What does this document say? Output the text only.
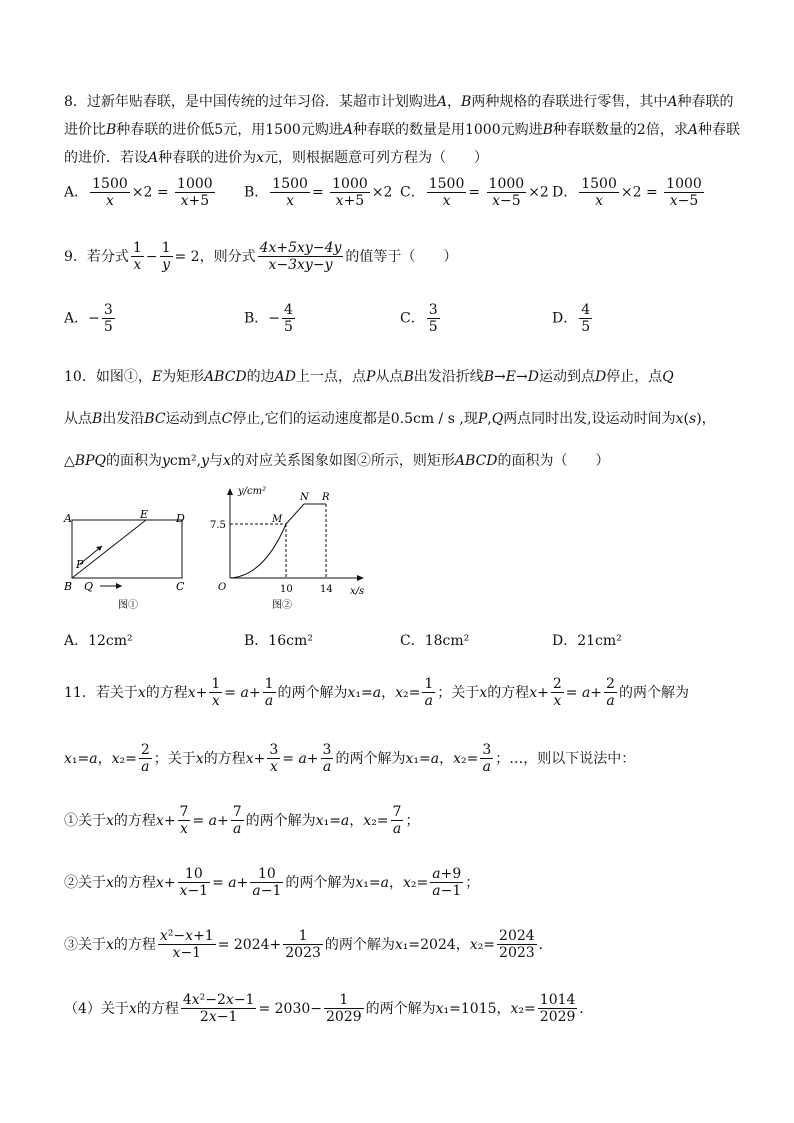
8．过新年贴春联，是中国传统的过年习俗．某超市计划购进A，B两种规格的春联进行零售，其中A种春联的进价比B种春联的进价低5元，用1500元购进A种春联的数量是用1000元购进B种春联数量的2倍，求A种春联的进价．若设A种春联的进价为x元，则根据题意可列方程为（　　）
A． $\frac{1500}{x} \times 2 = \frac{1000}{x+5}$ B． $\frac{1500}{x} = \frac{1000}{x+5} \times 2$ C． $\frac{1500}{x} = \frac{1000}{x-5} \times 2$ D． $\frac{1500}{x} \times 2 = \frac{1000}{x-5}$
9．若分式 $\frac{1}{x} - \frac{1}{y} = 2$，则分式 $\frac{4x+5xy-4y}{x-3xy-y}$ 的值等于（　　）
A．− $\frac{3}{5}$	B．− $\frac{4}{5}$	C． $\frac{3}{5}$	D． $\frac{4}{5}$
10．如图①，E为矩形ABCD的边AD上一点，点P从点B出发沿折线B→E→D运动到点D停止，点Q
从点B出发沿BC运动到点C停止,它们的运动速度都是0.5cm / s ,现P,Q两点同时出发,设运动时间为x(s)，
△BPQ的面积为ycm²,y与x的对应关系图象如图②所示，则矩形ABCD的面积为（　　）
A
B	C
D
E
P
Q
图①
y/cm²
x/s
O
M
N R
7.5
10	14
图②
A．12cm²	B．16cm²	C．18cm²	D．21cm²
11．若关于x的方程$x+ \frac{1}{x} = a+ \frac{1}{a}$ 的两个解为x₁=a，$x_2= \frac{1}{a}$ ；关于x的方程$x+ \frac{2}{x} = a+ \frac{2}{a}$ 的两个解为
x₁=a，$x_2= \frac{2}{a}$ ；关于x的方程$x+ \frac{3}{x} = a+ \frac{3}{a}$ 的两个解为x₁=a，$x_2= \frac{3}{a}$ ；…，则以下说法中：
①关于x的方程$x+ \frac{7}{x} = a+ \frac{7}{a}$ 的两个解为x₁=a，$x_2= \frac{7}{a}$ ；
②关于x的方程$x+ \frac{10}{x-1} = a+ \frac{10}{a-1}$ 的两个解为x₁=a，$x_2= \frac{a+9}{a-1}$ ；
③关于x的方程 $\frac{\text{x²−x+1}}{x-1} = 2024+ \frac{1}{2023}$ 的两个解为x₁=2024，$x_2= \frac{2024}{2023}$ ．
（4）关于x的方程 $\frac{\text{4x²−2x−1}}{2x-1} = 2030- \frac{1}{2029}$ 的两个解为x₁=1015，$x_2= \frac{1014}{2029}$ ．
